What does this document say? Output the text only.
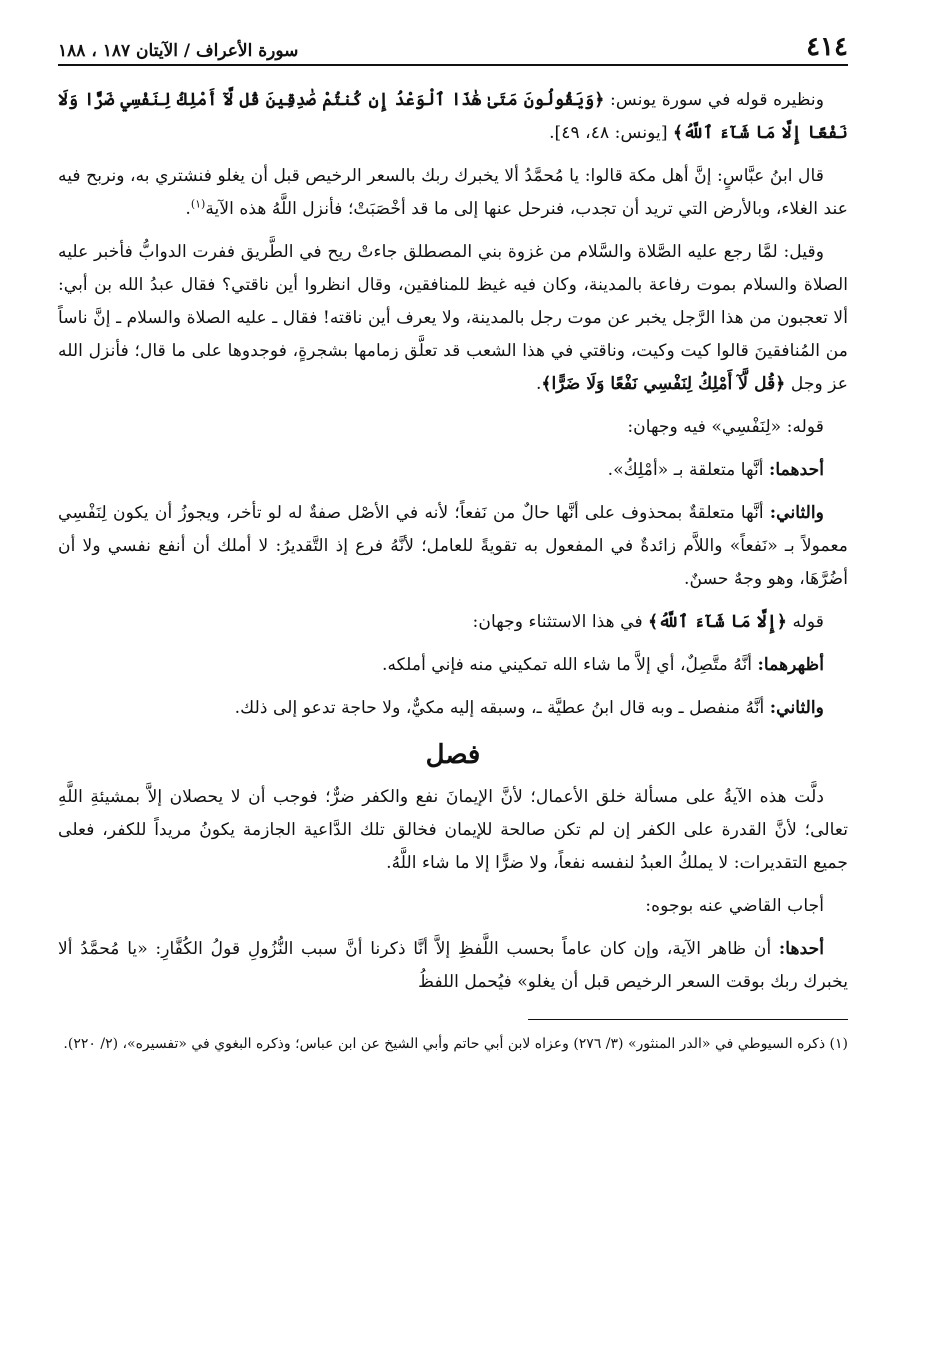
٤١٤
سورة الأعراف / الآيتان ١٨٧ ، ١٨٨

ونظيره قوله في سورة يونس: ﴿وَيَقُولُونَ مَتَىٰ هَٰذَا ٱلْوَعْدُ إِن كُنتُمْ صَٰدِقِينَ قُل لَّآ أَمْلِكُ لِنَفْسِي ضَرًّا وَلَا نَفْعًا إِلَّا مَا شَآءَ ٱللَّهُ﴾ [يونس: ٤٨، ٤٩].

قال ابنُ عبَّاسٍ: إنَّ أهل مكة قالوا: يا مُحمَّدُ ألا يخبرك ربك بالسعر الرخيص قبل أن يغلو فنشتري به، ونربح فيه عند الغلاء، وبالأرض التي تريد أن تجدب، فنرحل عنها إلى ما قد أخْصَبَتْ؛ فأنزل اللَّهُ هذه الآية$^{(١)}$.

وقيل: لمَّا رجع عليه الصَّلاة والسَّلام من غزوة بني المصطلق جاءتْ ريح في الطَّريق ففرت الدوابُّ فأخبر عليه الصلاة والسلام بموت رفاعة بالمدينة، وكان فيه غيظ للمنافقين، وقال انظروا أين ناقتي؟ فقال عبدُ الله بن أبي: ألا تعجبون من هذا الرَّجل يخبر عن موت رجل بالمدينة، ولا يعرف أين ناقته! فقال ـ عليه الصلاة والسلام ـ إنَّ ناساً من المُنافقينَ قالوا كيت وكيت، وناقتي في هذا الشعب قد تعلَّق زمامها بشجرةٍ، فوجدوها على ما قال؛ فأنزل الله عز وجل ﴿قُل لَّآ أَمْلِكُ لِنَفْسِي نَفْعًا وَلَا ضَرًّا﴾.

قوله: «لِنَفْسِي» فيه وجهان:

أحدهما: أنَّها متعلقة بـ «أمْلِكُ».

والثاني: أنَّها متعلقةٌ بمحذوف على أنَّها حالٌ من نَفعاً؛ لأنه في الأصْل صفةٌ له لو تأخر، ويجوزُ أن يكون لِنَفْسِي معمولاً بـ «نَفعاً» واللاَّم زائدةٌ في المفعول به تقويةً للعامل؛ لأنَّهُ فرع إذ التَّقديرُ: لا أملك أن أنفع نفسي ولا أن أضُرَّهَا، وهو وجهٌ حسنٌ.

قوله ﴿إِلَّا مَا شَآءَ ٱللَّهُ﴾ في هذا الاستثناء وجهان:

أظهرهما: أنَّهُ متَّصِلٌ، أي إلاَّ ما شاء الله تمكيني منه فإني أملكه.

والثاني: أنَّهُ منفصل ـ وبه قال ابنُ عطيَّة ـ، وسبقه إليه مكيٌّ، ولا حاجة تدعو إلى ذلك.

فصل

دلَّت هذه الآيةُ على مسألة خلق الأعمال؛ لأنَّ الإيمانَ نفع والكفر ضرٌّ؛ فوجب أن لا يحصلان إلاَّ بمشيئةِ اللَّهِ تعالى؛ لأنَّ القدرة على الكفر إن لم تكن صالحة للإيمان فخالق تلك الدَّاعية الجازمة يكونُ مريداً للكفر، فعلى جميع التقديرات: لا يملكُ العبدُ لنفسه نفعاً، ولا ضرًّا إلا ما شاء اللَّهُ.

أجاب القاضي عنه بوجوه:

أحدها: أن ظاهر الآية، وإن كان عاماً بحسب اللَّفظِ إلاَّ أنَّا ذكرنا أنَّ سبب النُّزُولِ قولُ الكُفَّارِ: «يا مُحمَّدُ ألا يخبرك ربك بوقت السعر الرخيص قبل أن يغلو» فيُحمل اللفظُ

(١) ذكره السيوطي في «الدر المنثور» (٣/ ٢٧٦) وعزاه لابن أبي حاتم وأبي الشيخ عن ابن عباس؛ وذكره البغوي في «تفسيره»، (٢/ ٢٢٠).
